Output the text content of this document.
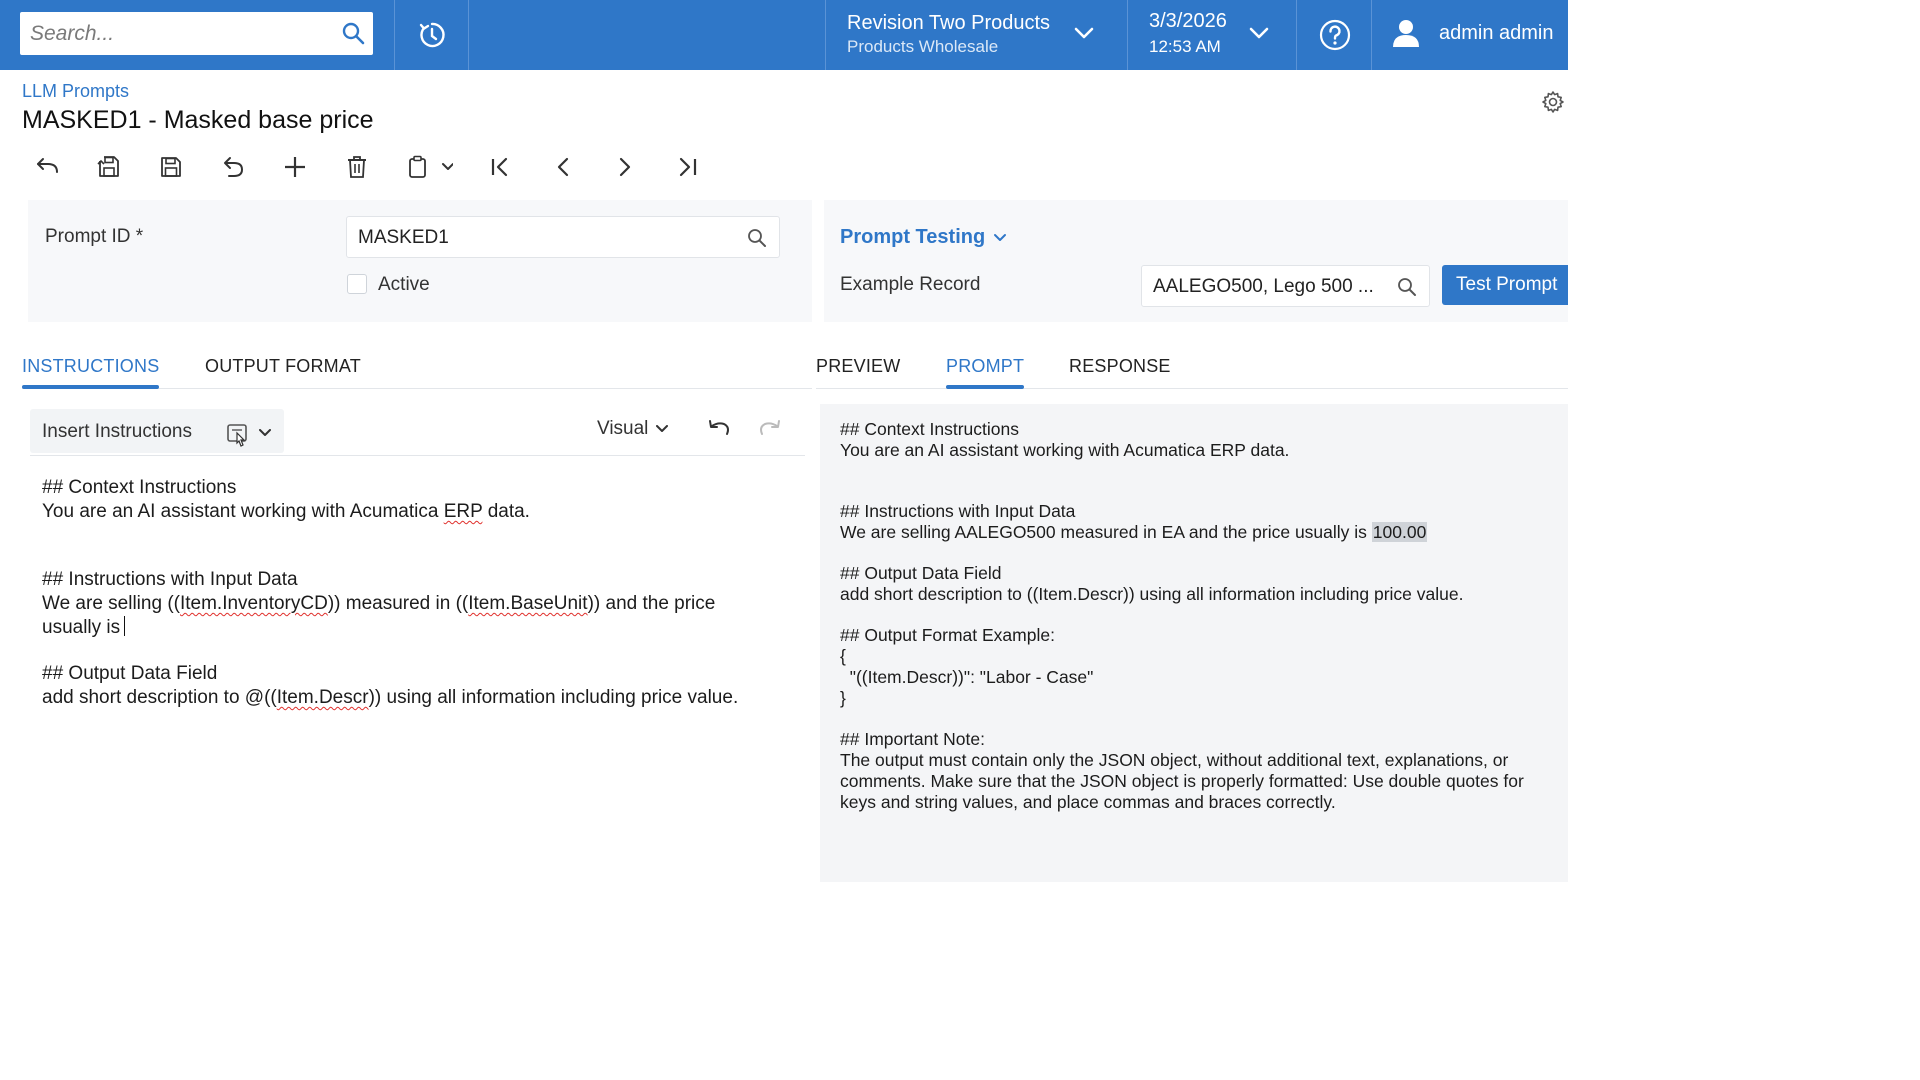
Search...
Revision Two Products
Products Wholesale
3/3/2026
12:53 AM
admin admin
LLM Prompts
MASKED1 - Masked base price
Prompt ID *	MASKED1
Active
Prompt Testing
Example Record	AALEGO500, Lego 500 ...	Test Prompt
INSTRUCTIONS	OUTPUT FORMAT	PREVIEW	PROMPT RESPONSE
Insert Instructions	Visual

## Context Instructions

You are an AI assistant working with Acumatica ERP data.

## Instructions with Input Data

We are selling ((Item.InventoryCD)) measured in ((Item.BaseUnit)) and the price

usually is

## Output Data Field

add short description to @((Item.Descr)) using all information including price value.

## Context Instructions

You are an AI assistant working with Acumatica ERP data.

## Instructions with Input Data

We are selling AALEGO500 measured in EA and the price usually is 100.00

## Output Data Field

add short description to ((Item.Descr)) using all information including price value.

## Output Format Example:

{

"((Item.Descr))": "Labor - Case"

}

## Important Note:

The output must contain only the JSON object, without additional text, explanations, or

comments. Make sure that the JSON object is properly formatted: Use double quotes for

keys and string values, and place commas and braces correctly.
